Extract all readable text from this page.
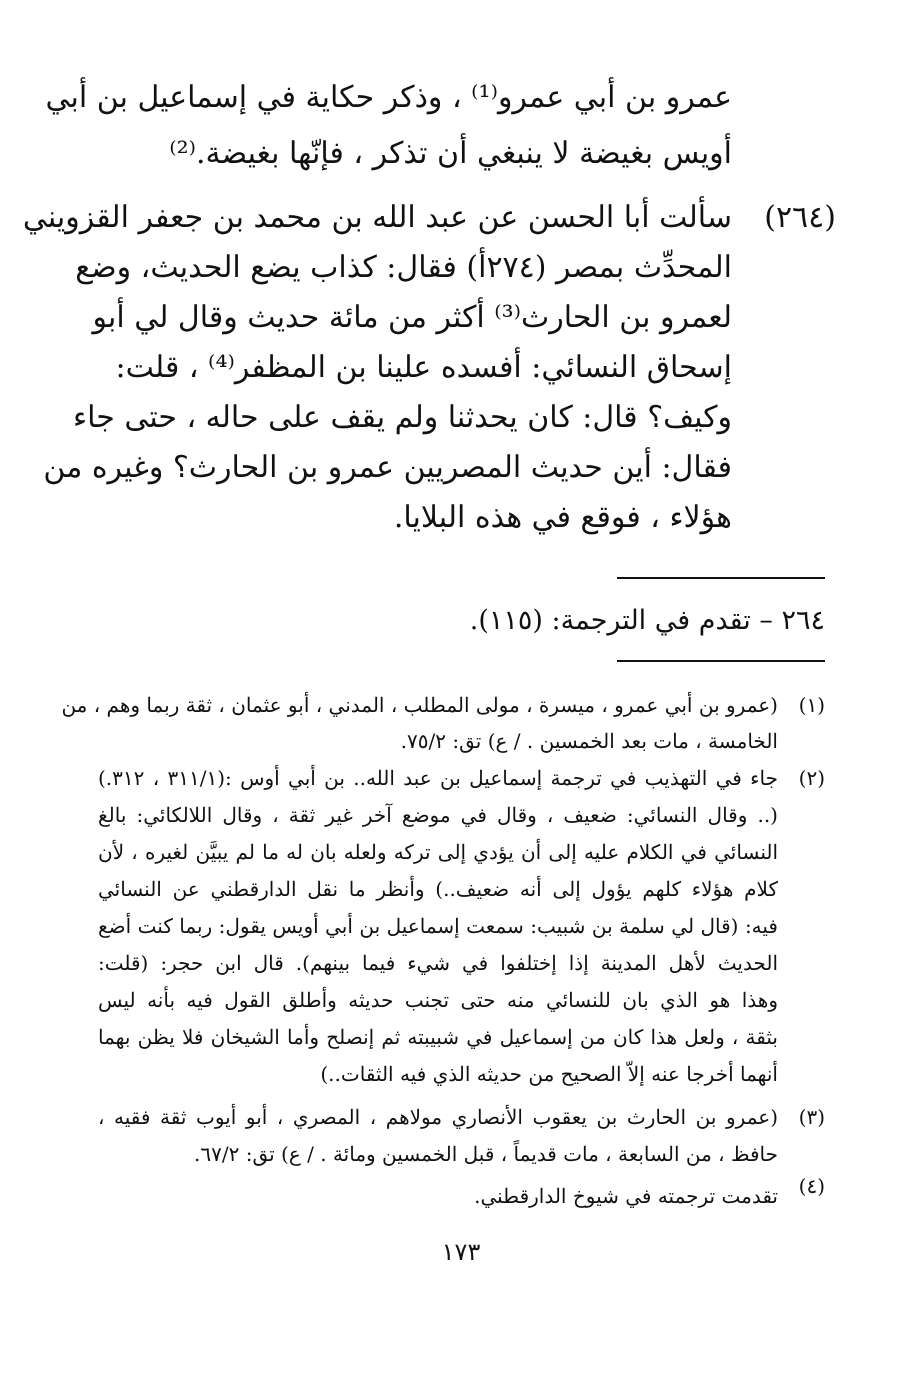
عمرو بن أبي عمرو⁽¹⁾ ، وذكر حكاية في إسماعيل بن أبي
أويس بغيضة لا ينبغي أن تذكر ، فإنّها بغيضة.⁽²⁾
(٢٦٤)
سألت أبا الحسن عن عبد الله بن محمد بن جعفر القزويني
المحدِّث بمصر (٢٧٤أ) فقال: كذاب يضع الحديث، وضع
لعمرو بن الحارث⁽³⁾ أكثر من مائة حديث وقال لي أبو
إسحاق النسائي: أفسده علينا بن المظفر⁽⁴⁾ ، قلت:
وكيف؟ قال: كان يحدثنا ولم يقف على حاله ، حتى جاء
فقال: أين حديث المصريين عمرو بن الحارث؟ وغيره من
هؤلاء ، فوقع في هذه البلايا.
٢٦٤ – تقدم في الترجمة: (١١٥).
(١)
(عمرو بن أبي عمرو ، ميسرة ، مولى المطلب ، المدني ، أبو عثمان ، ثقة ربما وهم ، من
الخامسة ، مات بعد الخمسين . / ع) تق: ٧٥/٢.
(٢)
جاء في التهذيب في ترجمة إسماعيل بن عبد الله.. بن أبي أوس :(٣١١/١ ، ٣١٢.)
(.. وقال النسائي: ضعيف ، وقال في موضع آخر غير ثقة ، وقال اللالكائي: بالغ
النسائي في الكلام عليه إلى أن يؤدي إلى تركه ولعله بان له ما لم يبيَّن لغيره ، لأن
كلام هؤلاء كلهم يؤول إلى أنه ضعيف..) وأنظر ما نقل الدارقطني عن النسائي
فيه: (قال لي سلمة بن شبيب: سمعت إسماعيل بن أبي أويس يقول: ربما كنت أضع
الحديث لأهل المدينة إذا إختلفوا في شيء فيما بينهم). قال ابن حجر: (قلت:
وهذا هو الذي بان للنسائي منه حتى تجنب حديثه وأطلق القول فيه بأنه ليس
بثقة ، ولعل هذا كان من إسماعيل في شبيبته ثم إنصلح وأما الشيخان فلا يظن بهما
أنهما أخرجا عنه إلاّ الصحيح من حديثه الذي فيه الثقات..)
(٣)
(عمرو بن الحارث بن يعقوب الأنصاري مولاهم ، المصري ، أبو أيوب ثقة فقيه ،
حافظ ، من السابعة ، مات قديماً ، قبل الخمسين ومائة . / ع) تق: ٦٧/٢.
(٤)
تقدمت ترجمته في شيوخ الدارقطني.
١٧٣
